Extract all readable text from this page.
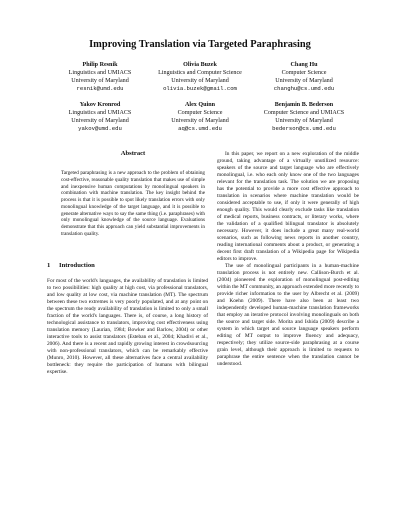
Improving Translation via Targeted Paraphrasing
Philip Resnik
Linguistics and UMIACS
University of Maryland
resnik@umd.edu
Olivia Buzek
Linguistics and Computer Science
University of Maryland
olivia.buzek@gmail.com
Chang Hu
Computer Science
University of Maryland
changhu@cs.umd.edu
Yakov Kronrod
Linguistics and UMIACS
University of Maryland
yakov@umd.edu
Alex Quinn
Computer Science
University of Maryland
aq@cs.umd.edu
Benjamin B. Bederson
Computer Science and UMIACS
University of Maryland
bederson@cs.umd.edu
Abstract
Targeted paraphrasing is a new approach to the problem of obtaining cost-effective, reasonable quality translation that makes use of simple and inexpensive human computations by monolingual speakers in combination with machine translation. The key insight behind the process is that it is possible to spot likely translation errors with only monolingual knowledge of the target language, and it is possible to generate alternative ways to say the same thing (i.e. paraphrases) with only monolingual knowledge of the source language. Evaluations demonstrate that this approach can yield substantial improvements in translation quality.
1 Introduction

For most of the world's languages, the availability of translation is limited to two possibilities: high quality at high cost, via professional translators, and low quality at low cost, via machine translation (MT). The spectrum between these two extremes is very poorly populated, and at any point on the spectrum the ready availability of translation is limited to only a small fraction of the world's languages. There is, of course, a long history of technological assistance to translators, improving cost effectiveness using translation memory (Laurian, 1984; Bowker and Barlow, 2004) or other interactive tools to assist translators (Esteban et al., 2004; Khadivi et al., 2006). And there is a recent and rapidly growing interest in crowdsourcing with non-professional translators, which can be remarkably effective (Munro, 2010). However, all these alternatives face a central availability bottleneck: they require the participation of humans with bilingual expertise.

In this paper, we report on a new exploration of the middle ground, taking advantage of a virtually unutilized resource: speakers of the source and target language who are effectively monolingual, i.e. who each only know one of the two languages relevant for the translation task. The solution we are proposing has the potential to provide a more cost effective approach to translation in scenarios where machine translation would be considered acceptable to use, if only it were generally of high enough quality. This would clearly exclude tasks like translation of medical reports, business contracts, or literary works, where the validation of a qualified bilingual translator is absolutely necessary. However, it does include a great many real-world scenarios, such as following news reports in another country, reading international comments about a product, or generating a decent first draft translation of a Wikipedia page for Wikipedia editors to improve.

The use of monolingual participants in a human-machine translation process is not entirely new. Callison-Burch et al. (2004) pioneered the exploration of monolingual post-editing within the MT community, an approach extended more recently to provide richer information to the user by Albrecht et al. (2009) and Koehn (2009). There have also been at least two independently developed human-machine translation frameworks that employ an iterative protocol involving monolinguals on both the source and target side. Morita and Ishida (2009) describe a system in which target and source language speakers perform editing of MT output to improve fluency and adequacy, respectively; they utilize source-side paraphrasing at a course grain level, although their approach is limited to requests to paraphrase the entire sentence when the translation cannot be understood.
